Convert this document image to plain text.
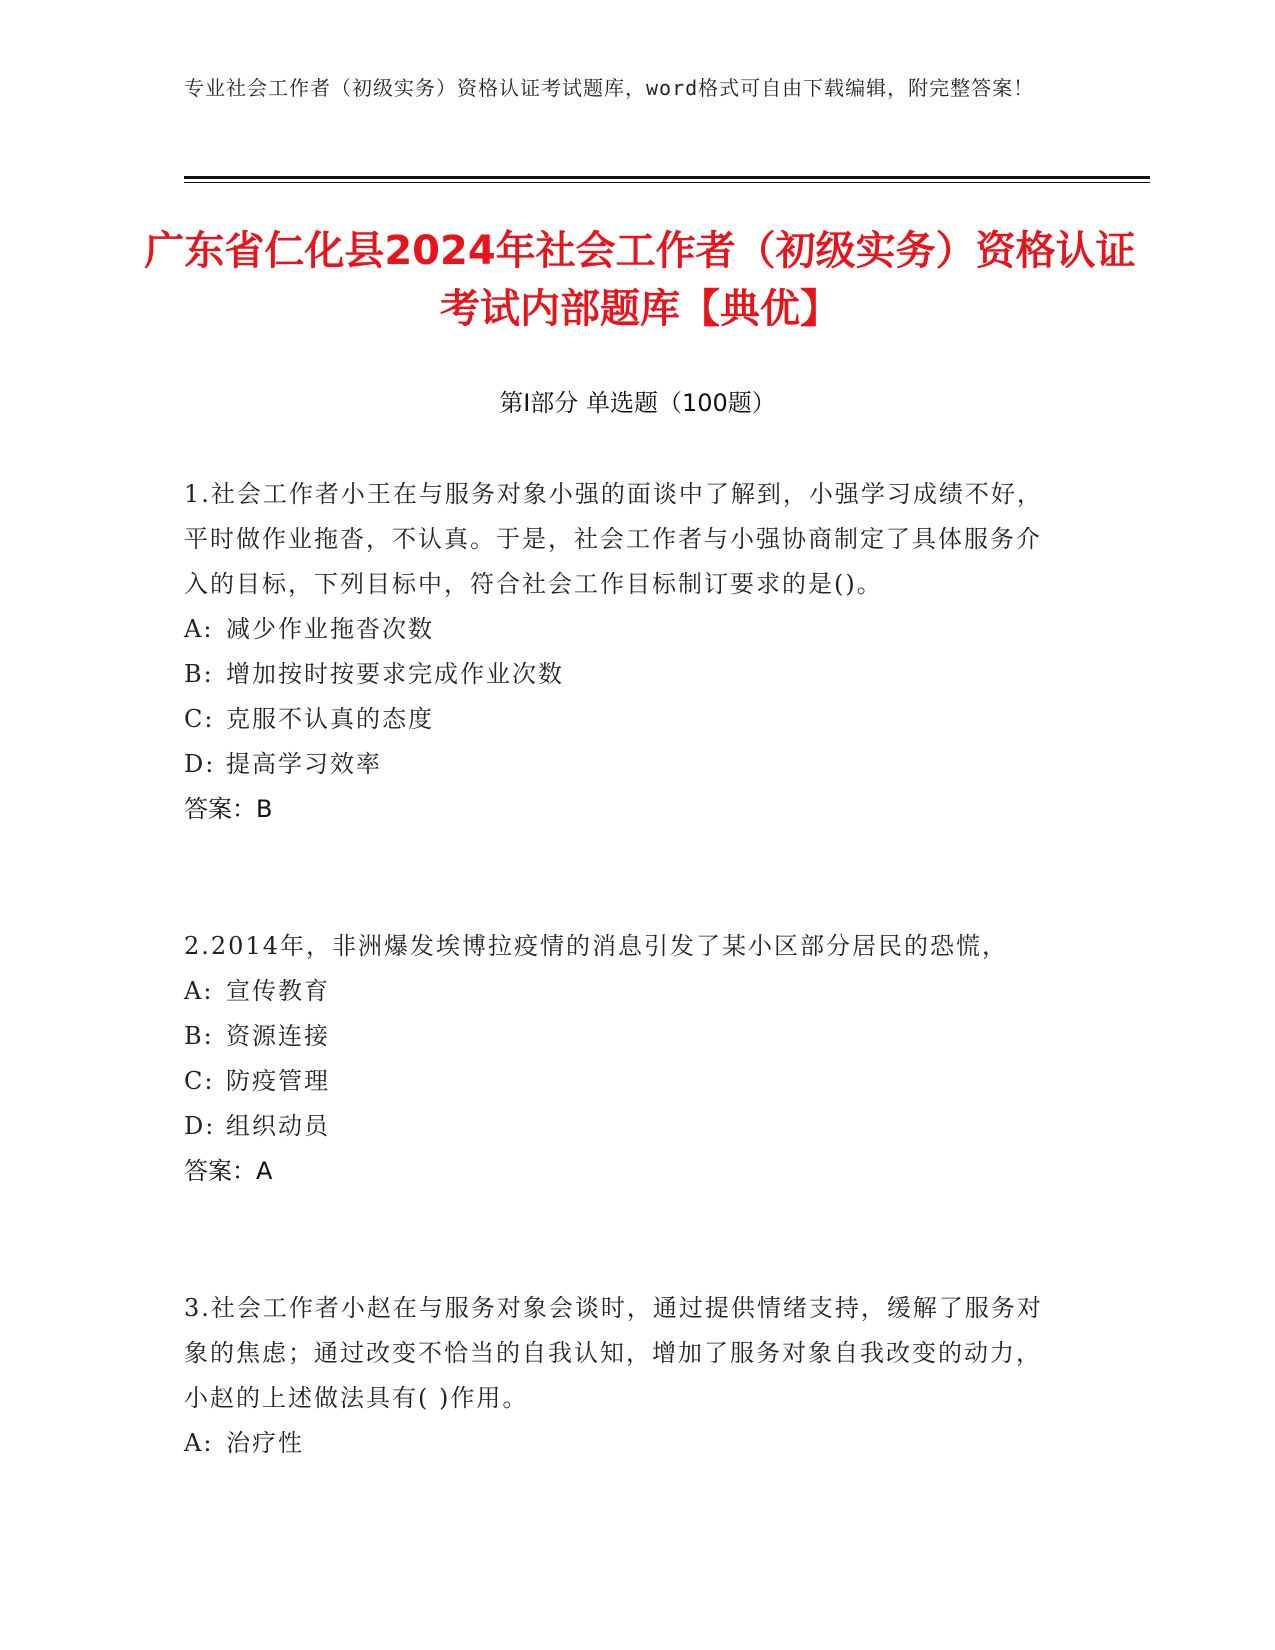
专业社会工作者（初级实务）资格认证考试题库，word格式可自由下载编辑，附完整答案！
广东省仁化县2024年社会工作者（初级实务）资格认证考试内部题库【典优】
第Ⅰ部分 单选题（100题）
1.社会工作者小王在与服务对象小强的面谈中了解到，小强学习成绩不好，平时做作业拖沓，不认真。于是，社会工作者与小强协商制定了具体服务介入的目标，下列目标中，符合社会工作目标制订要求的是()。
A: 减少作业拖沓次数
B: 增加按时按要求完成作业次数
C: 克服不认真的态度
D: 提高学习效率
答案：B
2.2014年，非洲爆发埃博拉疫情的消息引发了某小区部分居民的恐慌，
A: 宣传教育
B: 资源连接
C: 防疫管理
D: 组织动员
答案：A
3.社会工作者小赵在与服务对象会谈时，通过提供情绪支持，缓解了服务对象的焦虑；通过改变不恰当的自我认知，增加了服务对象自我改变的动力，小赵的上述做法具有( )作用。
A: 治疗性
